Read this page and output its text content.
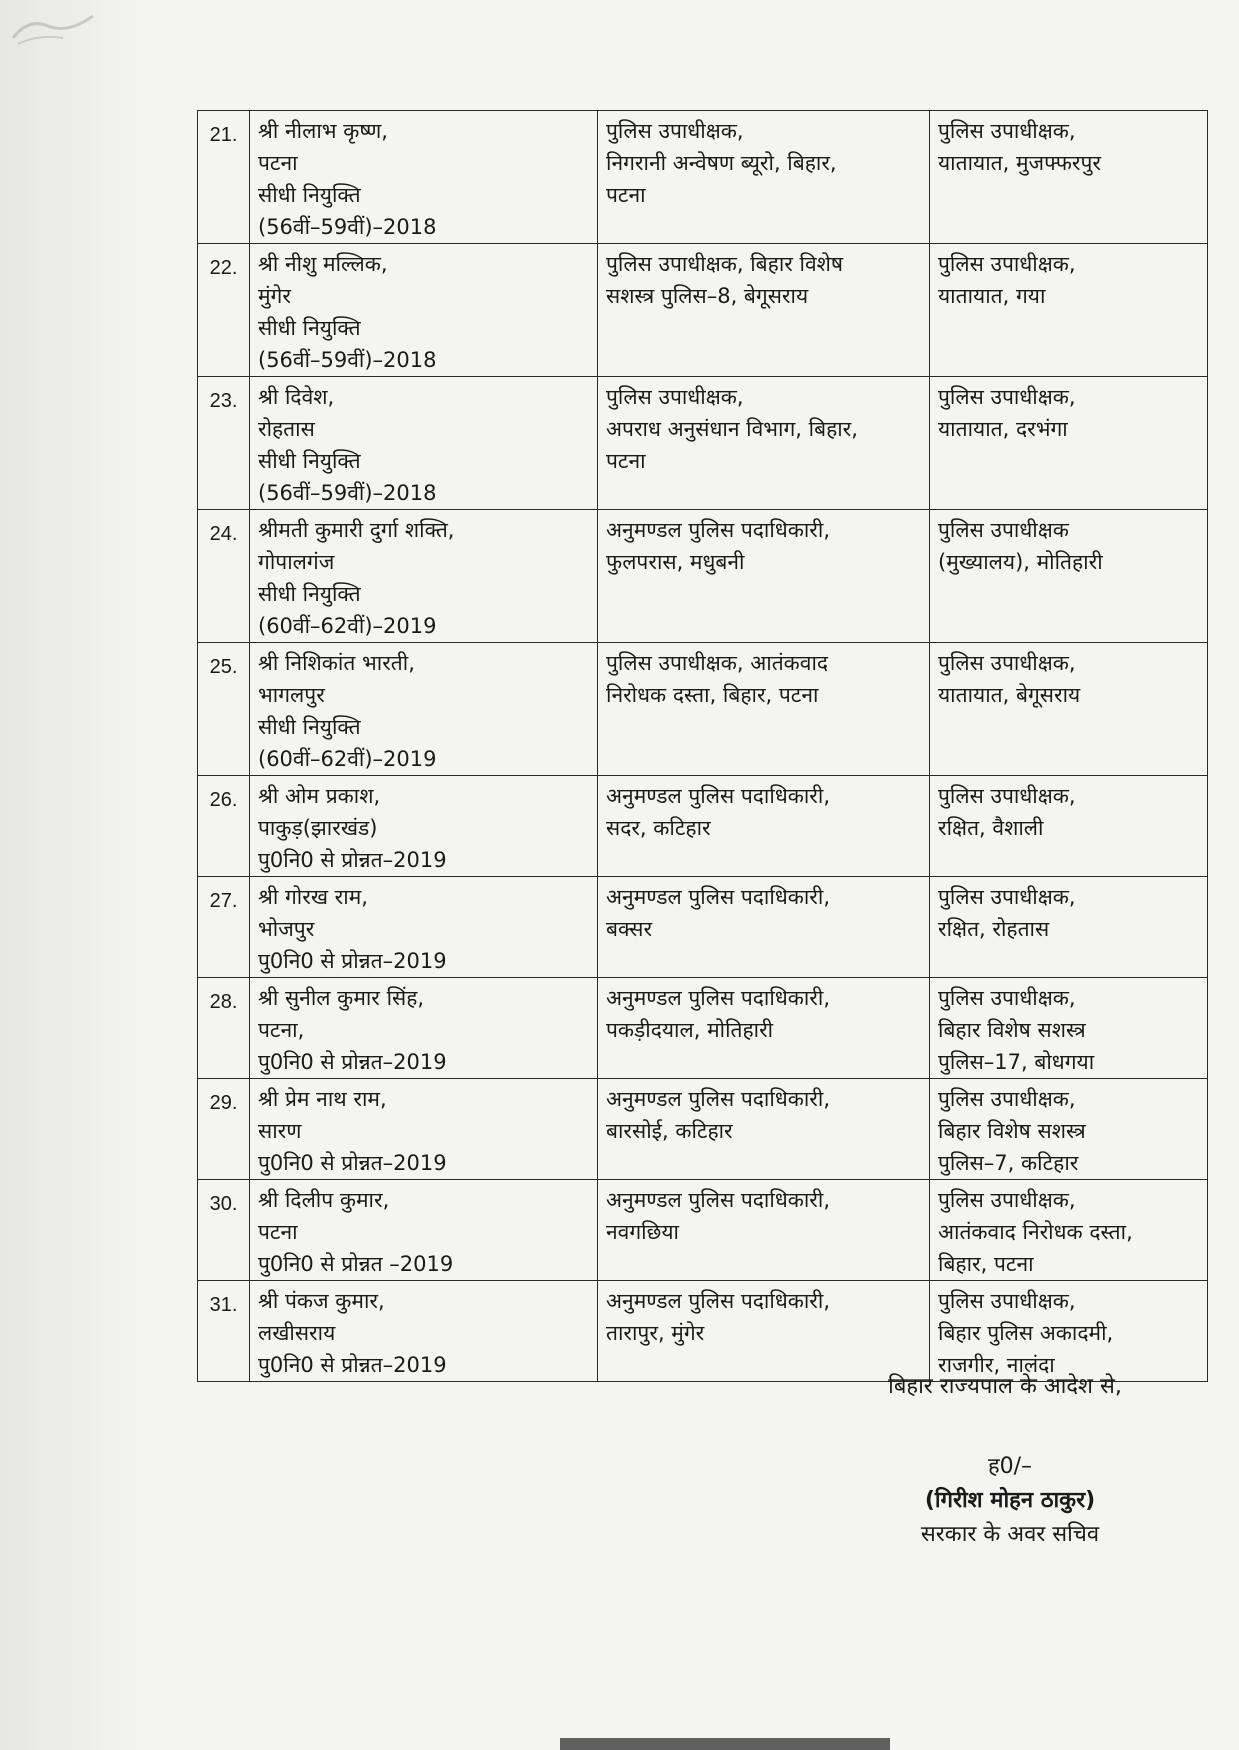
21.	श्री नीलाभ कृष्ण,
पटना
सीधी नियुक्ति
(56वीं–59वीं)–2018	पुलिस उपाधीक्षक,
निगरानी अन्वेषण ब्यूरो, बिहार,
पटना	पुलिस उपाधीक्षक,
यातायात, मुजफ्फरपुर
22.	श्री नीशु मल्लिक,
मुंगेर
सीधी नियुक्ति
(56वीं–59वीं)–2018	पुलिस उपाधीक्षक, बिहार विशेष
सशस्त्र पुलिस–8, बेगूसराय	पुलिस उपाधीक्षक,
यातायात, गया
23.	श्री दिवेश,
रोहतास
सीधी नियुक्ति
(56वीं–59वीं)–2018	पुलिस उपाधीक्षक,
अपराध अनुसंधान विभाग, बिहार,
पटना	पुलिस उपाधीक्षक,
यातायात, दरभंगा
24.	श्रीमती कुमारी दुर्गा शक्ति,
गोपालगंज
सीधी नियुक्ति
(60वीं–62वीं)–2019	अनुमण्डल पुलिस पदाधिकारी,
फुलपरास, मधुबनी	पुलिस उपाधीक्षक
(मुख्यालय), मोतिहारी
25.	श्री निशिकांत भारती,
भागलपुर
सीधी नियुक्ति
(60वीं–62वीं)–2019	पुलिस उपाधीक्षक, आतंकवाद
निरोधक दस्ता, बिहार, पटना	पुलिस उपाधीक्षक,
यातायात, बेगूसराय
26.	श्री ओम प्रकाश,
पाकुड़(झारखंड)
पु0नि0 से प्रोन्नत–2019	अनुमण्डल पुलिस पदाधिकारी,
सदर, कटिहार	पुलिस उपाधीक्षक,
रक्षित, वैशाली
27.	श्री गोरख राम,
भोजपुर
पु0नि0 से प्रोन्नत–2019	अनुमण्डल पुलिस पदाधिकारी,
बक्सर	पुलिस उपाधीक्षक,
रक्षित, रोहतास
28.	श्री सुनील कुमार सिंह,
पटना,
पु0नि0 से प्रोन्नत–2019	अनुमण्डल पुलिस पदाधिकारी,
पकड़ीदयाल, मोतिहारी	पुलिस उपाधीक्षक,
बिहार विशेष सशस्त्र
पुलिस–17, बोधगया
29.	श्री प्रेम नाथ राम,
सारण
पु0नि0 से प्रोन्नत–2019	अनुमण्डल पुलिस पदाधिकारी,
बारसोई, कटिहार	पुलिस उपाधीक्षक,
बिहार विशेष सशस्त्र
पुलिस–7, कटिहार
30.	श्री दिलीप कुमार,
पटना
पु0नि0 से प्रोन्नत –2019	अनुमण्डल पुलिस पदाधिकारी,
नवगछिया	पुलिस उपाधीक्षक,
आतंकवाद निरोधक दस्ता,
बिहार, पटना
31.	श्री पंकज कुमार,
लखीसराय
पु0नि0 से प्रोन्नत–2019	अनुमण्डल पुलिस पदाधिकारी,
तारापुर, मुंगेर	पुलिस उपाधीक्षक,
बिहार पुलिस अकादमी,
राजगीर, नालंदा
बिहार राज्यपाल के आदेश से,
ह0/–
(गिरीश मोहन ठाकुर)
सरकार के अवर सचिव
